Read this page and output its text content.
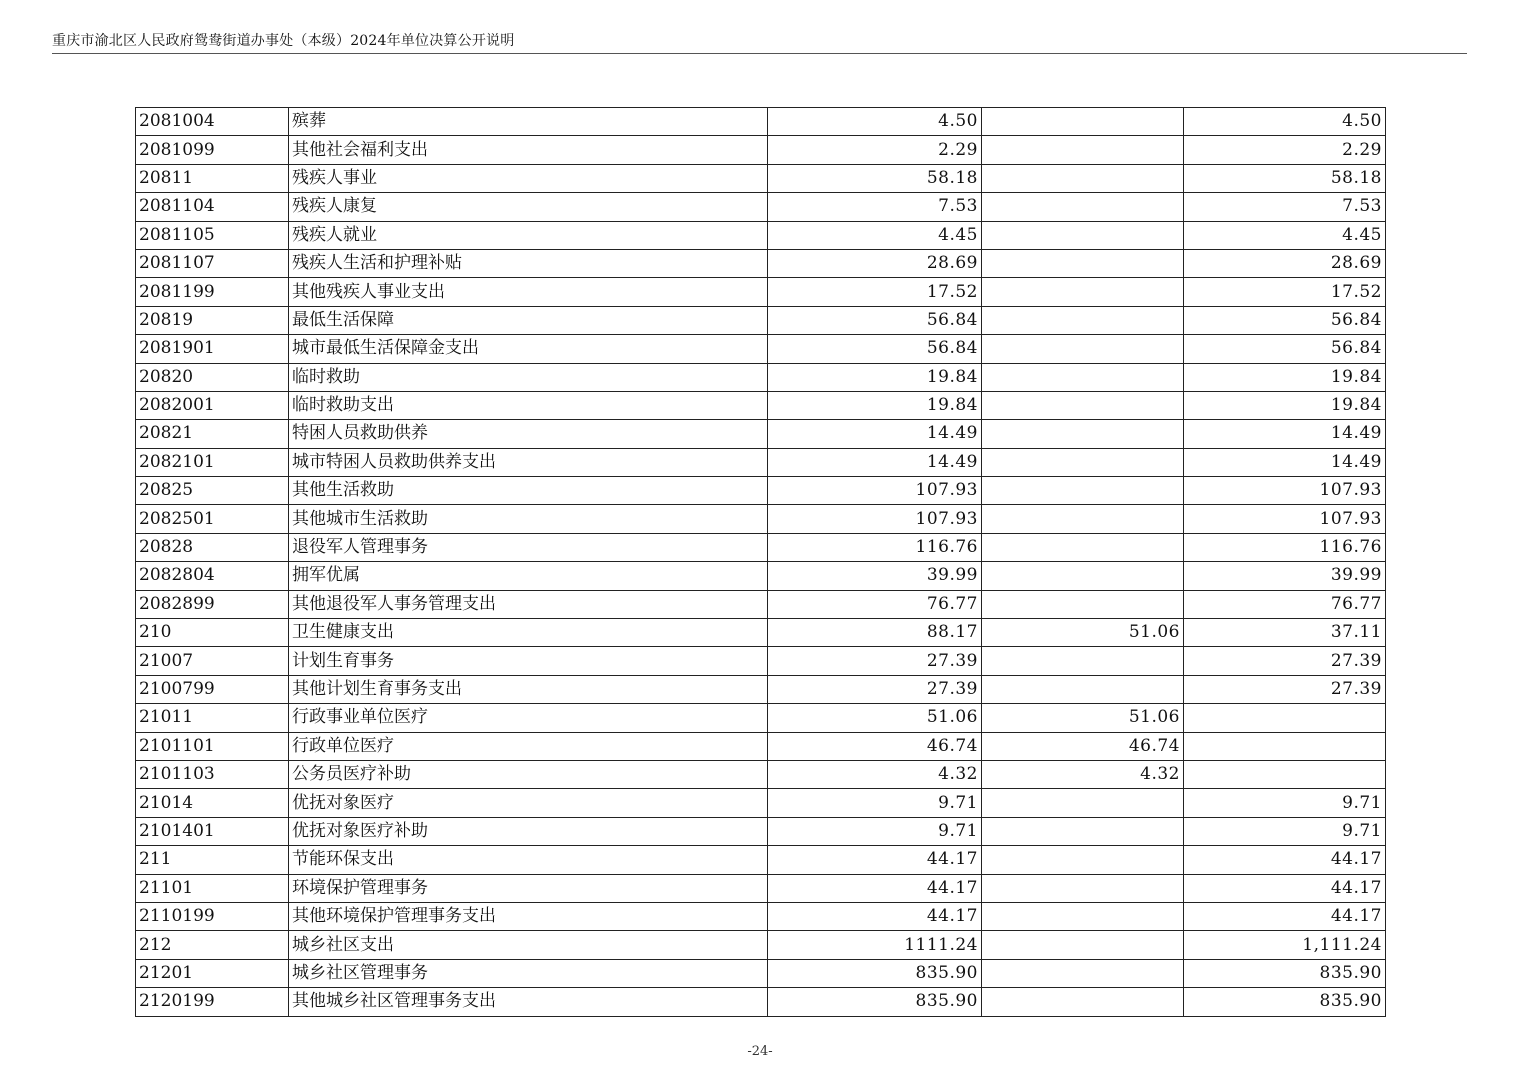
重庆市渝北区人民政府鸳鸯街道办事处（本级）2024年单位决算公开说明
2081004	殡葬	4.50		4.50
2081099	其他社会福利支出	2.29		2.29
20811	残疾人事业	58.18		58.18
2081104	残疾人康复	7.53		7.53
2081105	残疾人就业	4.45		4.45
2081107	残疾人生活和护理补贴	28.69		28.69
2081199	其他残疾人事业支出	17.52		17.52
20819	最低生活保障	56.84		56.84
2081901	城市最低生活保障金支出	56.84		56.84
20820	临时救助	19.84		19.84
2082001	临时救助支出	19.84		19.84
20821	特困人员救助供养	14.49		14.49
2082101	城市特困人员救助供养支出	14.49		14.49
20825	其他生活救助	107.93		107.93
2082501	其他城市生活救助	107.93		107.93
20828	退役军人管理事务	116.76		116.76
2082804	拥军优属	39.99		39.99
2082899	其他退役军人事务管理支出	76.77		76.77
210	卫生健康支出	88.17	51.06	37.11
21007	计划生育事务	27.39		27.39
2100799	其他计划生育事务支出	27.39		27.39
21011	行政事业单位医疗	51.06	51.06	
2101101	行政单位医疗	46.74	46.74	
2101103	公务员医疗补助	4.32	4.32	
21014	优抚对象医疗	9.71		9.71
2101401	优抚对象医疗补助	9.71		9.71
211	节能环保支出	44.17		44.17
21101	环境保护管理事务	44.17		44.17
2110199	其他环境保护管理事务支出	44.17		44.17
212	城乡社区支出	1111.24		1,111.24
21201	城乡社区管理事务	835.90		835.90
2120199	其他城乡社区管理事务支出	835.90		835.90
-24-
